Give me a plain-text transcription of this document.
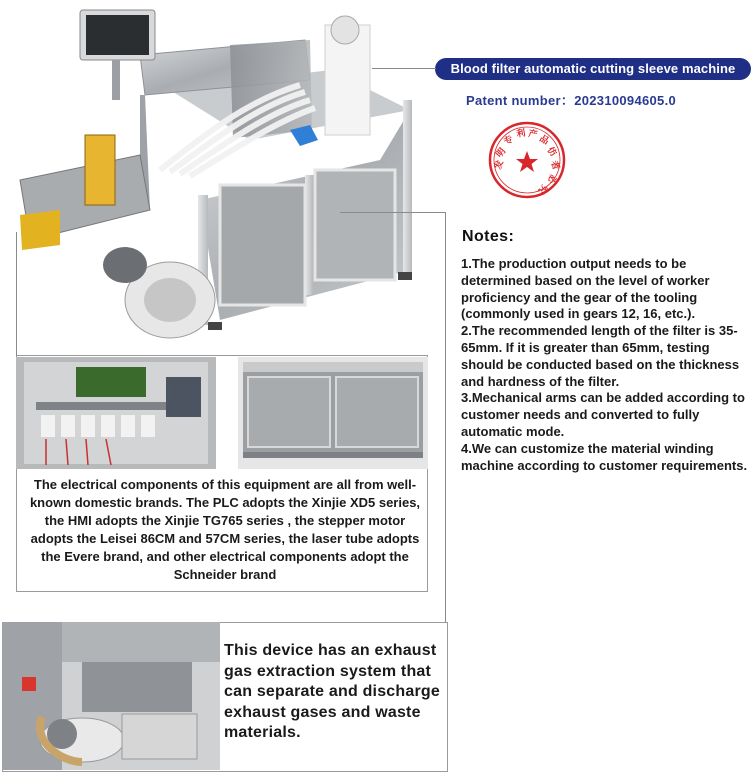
Blood filter automatic cutting sleeve machine
Patent number：202310094605.0
发
明
专
利 产 品
仿
者
必
究
Notes:

1.The production output needs to be determined based on the level of worker proficiency and the gear of the tooling (commonly used in gears 12, 16, etc.).

2.The recommended length of the filter is 35-65mm. If it is greater than 65mm, testing should be conducted based on the thickness and hardness of the filter.

3.Mechanical arms can be added according to customer needs and converted to fully automatic mode.

4.We can customize the material winding machine according to customer requirements.

The electrical components of this equipment are all from well-known domestic brands. The PLC adopts the Xinjie XD5 series, the HMI adopts the Xinjie TG765 series , the stepper motor adopts the Leisei 86CM and 57CM series, the laser tube adopts the Evere brand, and other electrical components adopt the Schneider brand
This device has an exhaust gas extraction system that can separate and discharge exhaust gases and waste materials.
